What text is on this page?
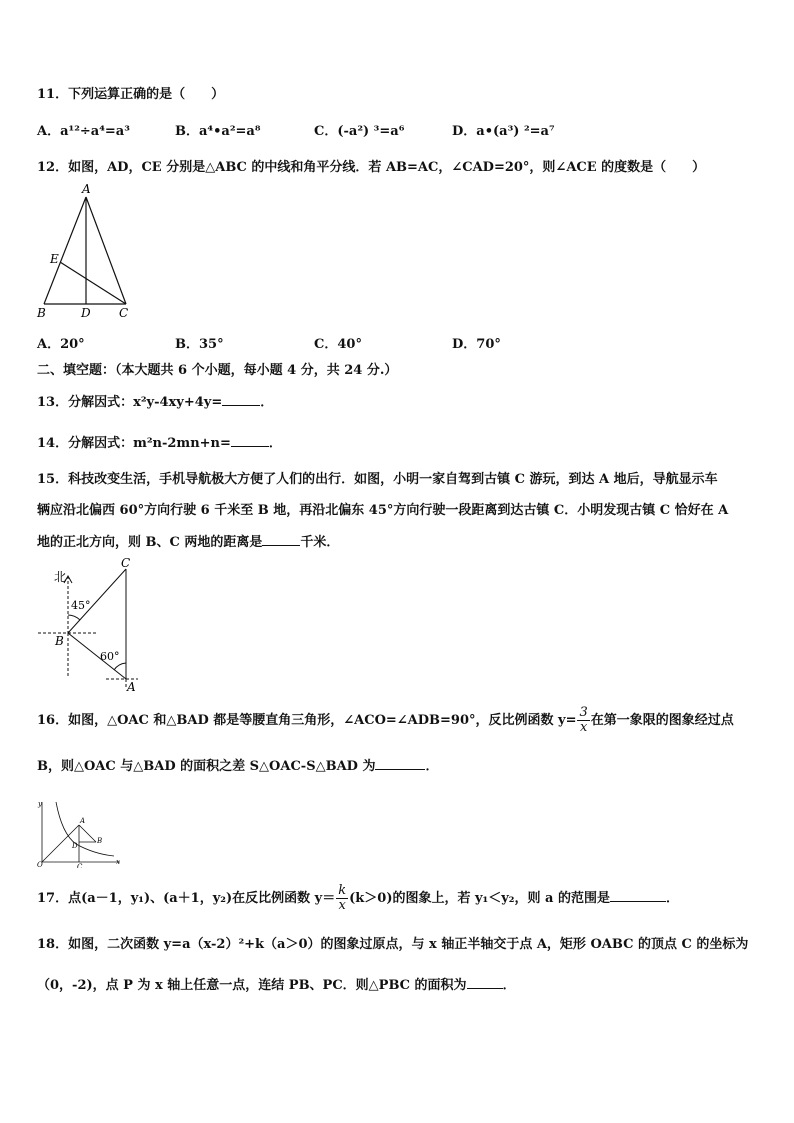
11．下列运算正确的是（　　）
A．a¹²÷a⁴=a³	B．a⁴•a²=a⁸	C．(-a²) ³=a⁶	D．a•(a³) ²=a⁷
12．如图，AD，CE 分别是△ABC 的中线和角平分线．若 AB=AC，∠CAD=20°，则∠ACE 的度数是（　　）
A
E
B	D C
A．20°	B．35°	C．40°	D．70°
二、填空题：（本大题共 6 个小题，每小题 4 分，共 24 分.）
13．分解因式：x²y-4xy+4y=	．
14．分解因式：m²n-2mn+n=	．
15．科技改变生活，手机导航极大方便了人们的出行．如图，小明一家自驾到古镇 C 游玩，到达 A 地后，导航显示车
辆应沿北偏西 60°方向行驶 6 千米至 B 地，再沿北偏东 45°方向行驶一段距离到达古镇 C．小明发现古镇 C 恰好在 A
地的正北方向，则 B、C 两地的距离是	千米．
北
45°
60°
B
C
A
16．如图，△OAC 和△BAD 都是等腰直角三角形，∠ACO=∠ADB=90°，反比例函数 $y= \frac{3}{x}$ 在第一象限的图象经过点
B，则△OAC 与△BAD 的面积之差 S△OAC-S△BAD 为	．
y
x
O
A
B
C
D
17．点(a－1，y₁)、(a＋1，y₂)在反比例函数 $y= \frac{k}{x} (k>0)$的图象上，若 y₁＜y₂，则 a 的范围是	．
18．如图，二次函数 y=a（x-2）²+k（a＞0）的图象过原点，与 x 轴正半轴交于点 A，矩形 OABC 的顶点 C 的坐标为
（0，-2)，点 P 为 x 轴上任意一点，连结 PB、PC．则△PBC 的面积为	．
